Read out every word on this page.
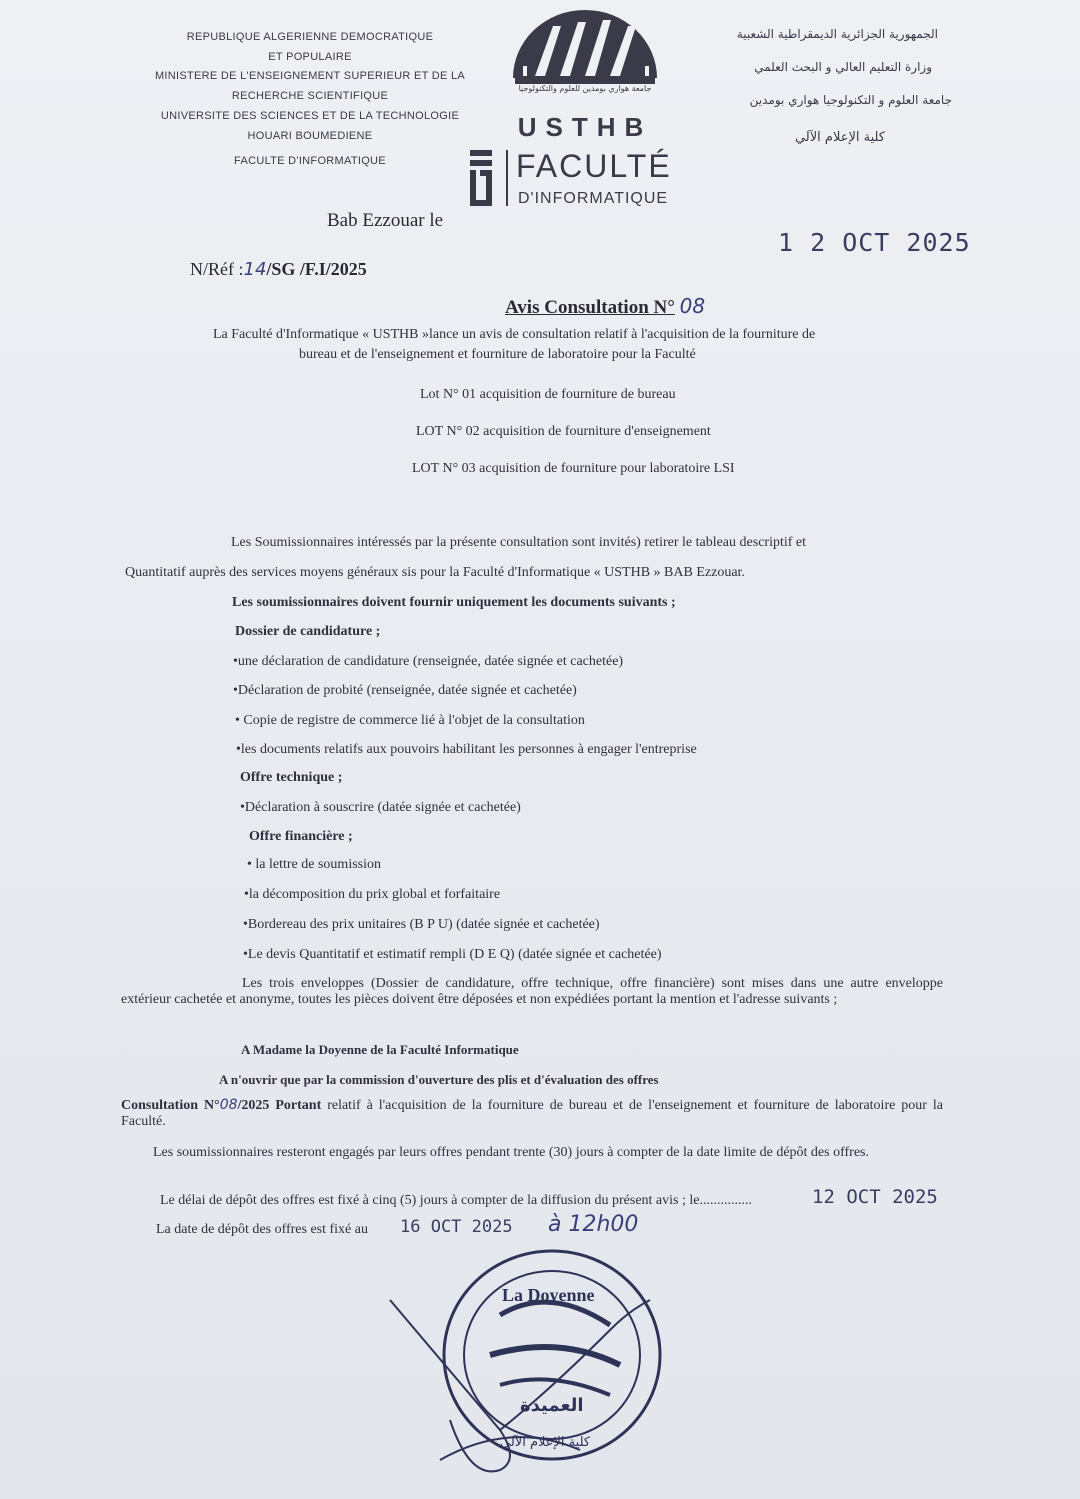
REPUBLIQUE ALGERIENNE DEMOCRATIQUE
ET POPULAIRE
MINISTERE DE L'ENSEIGNEMENT SUPERIEUR ET DE LA
RECHERCHE SCIENTIFIQUE
UNIVERSITE DES SCIENCES ET DE LA TECHNOLOGIE
HOUARI BOUMEDIENE
FACULTE D'INFORMATIQUE
جامعة هواري بومدين للعلوم والتكنولوجيا
USTHB
FACULTÉ
D'INFORMATIQUE
الجمهورية الجزائرية الديمقراطية الشعبية
وزارة التعليم العالي و البحث العلمي
جامعة العلوم و التكنولوجيا هواري بومدين
كلية الإعلام الآلي
Bab Ezzouar le
1 2 OCT 2025
N/Réf :14/SG /F.I/2025
Avis Consultation N° 08
La Faculté d'Informatique « USTHB »lance un avis de consultation relatif à l'acquisition de la fourniture de
bureau et de l'enseignement et fourniture de laboratoire pour la Faculté
Lot N° 01 acquisition de fourniture de bureau
LOT N° 02 acquisition de fourniture d'enseignement
LOT N° 03 acquisition de fourniture pour laboratoire LSI
Les Soumissionnaires intéressés par la présente consultation sont invités) retirer le tableau descriptif et
Quantitatif auprès des services moyens généraux sis pour la Faculté d'Informatique « USTHB » BAB Ezzouar.
Les soumissionnaires doivent fournir uniquement les documents suivants ;
Dossier de candidature ;
•une déclaration de candidature (renseignée, datée signée et cachetée)
•Déclaration de probité (renseignée, datée signée et cachetée)
• Copie de registre de commerce lié à l'objet de la consultation
•les documents relatifs aux pouvoirs habilitant les personnes à engager l'entreprise
Offre technique ;
•Déclaration à souscrire (datée signée et cachetée)
Offre financière ;
• la lettre de soumission
•la décomposition du prix global et forfaitaire
•Bordereau des prix unitaires (B P U) (datée signée et cachetée)
•Le devis Quantitatif et estimatif rempli (D E Q) (datée signée et cachetée)
Les trois enveloppes (Dossier de candidature, offre technique, offre financière) sont mises dans une autre enveloppe extérieur cachetée et anonyme, toutes les pièces doivent être déposées et non expédiées portant la mention et l'adresse suivants ;
A Madame la Doyenne de la Faculté Informatique
A n'ouvrir que par la commission d'ouverture des plis et d'évaluation des offres
Consultation N°08/2025 Portant relatif à l'acquisition de la fourniture de bureau et de l'enseignement et fourniture de laboratoire pour la Faculté.
Les soumissionnaires resteront engagés par leurs offres pendant trente (30) jours à compter de la date limite de dépôt des offres.
Le délai de dépôt des offres est fixé à cinq (5) jours à compter de la diffusion du présent avis ; le...............	12 OCT 2025
La date de dépôt des offres est fixé au 16 OCT 2025 à 12h00
La Doyenne
العميدة
كلية الإعلام الآلي
